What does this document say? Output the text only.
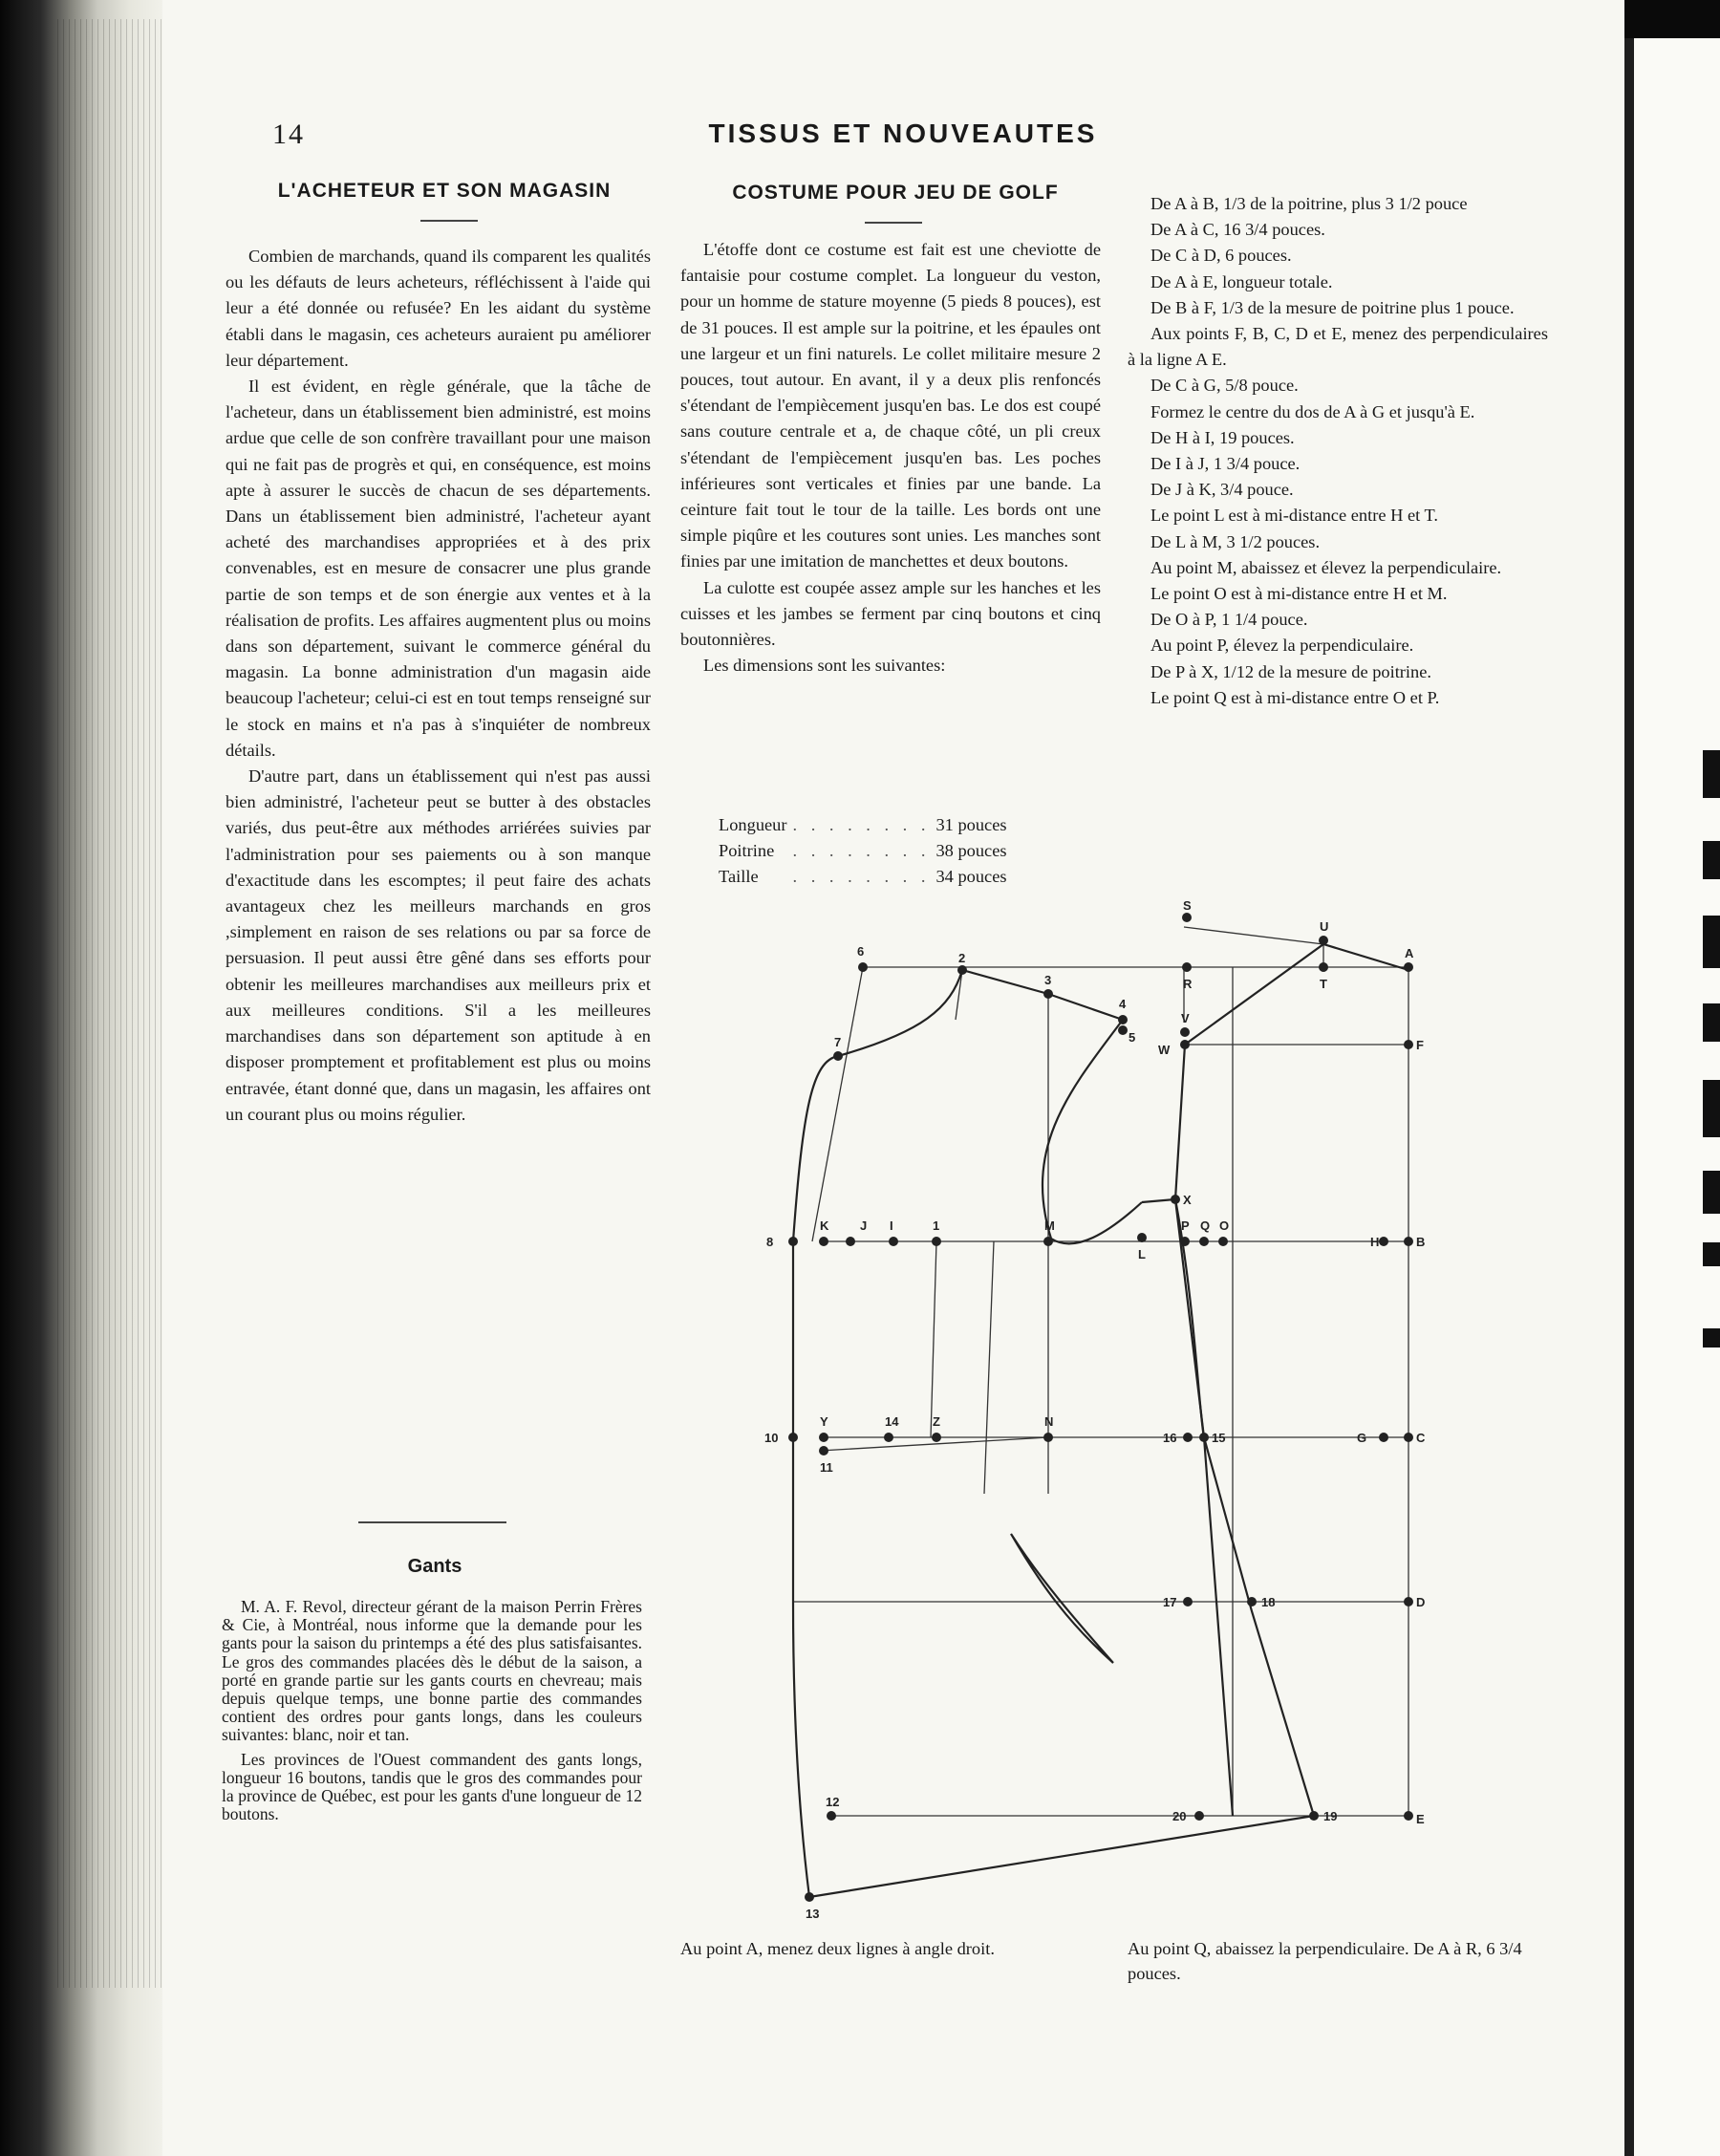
14	TISSUS ET NOUVEAUTES
L'ACHETEUR ET SON MAGASIN

Combien de marchands, quand ils comparent les qualités ou les défauts de leurs acheteurs, réfléchissent à l'aide qui leur a été donnée ou refusée? En les aidant du système établi dans le magasin, ces acheteurs auraient pu améliorer leur département.

Il est évident, en règle générale, que la tâche de l'acheteur, dans un établissement bien administré, est moins ardue que celle de son confrère travaillant pour une maison qui ne fait pas de progrès et qui, en conséquence, est moins apte à assurer le succès de chacun de ses départements. Dans un établissement bien administré, l'acheteur ayant acheté des marchandises appropriées et à des prix convenables, est en mesure de consacrer une plus grande partie de son temps et de son énergie aux ventes et à la réalisation de profits. Les affaires augmentent plus ou moins dans son département, suivant le commerce général du magasin. La bonne administration d'un magasin aide beaucoup l'acheteur; celui-ci est en tout temps renseigné sur le stock en mains et n'a pas à s'inquiéter de nombreux détails.

D'autre part, dans un établissement qui n'est pas aussi bien administré, l'acheteur peut se butter à des obstacles variés, dus peut-être aux méthodes arriérées suivies par l'administration pour ses paiements ou à son manque d'exactitude dans les escomptes; il peut faire des achats avantageux chez les meilleurs marchands en gros ,simplement en raison de ses relations ou par sa force de persuasion. Il peut aussi être gêné dans ses efforts pour obtenir les meilleures marchandises aux meilleurs prix et aux meilleures conditions. S'il a les meilleures marchandises dans son département son aptitude à en disposer promptement et profitablement est plus ou moins entravée, étant donné que, dans un magasin, les affaires ont un courant plus ou moins régulier.

Gants

M. A. F. Revol, directeur gérant de la maison Perrin Frères & Cie, à Montréal, nous informe que la demande pour les gants pour la saison du printemps a été des plus satisfaisantes. Le gros des commandes placées dès le début de la saison, a porté en grande partie sur les gants courts en chevreau; mais depuis quelque temps, une bonne partie des commandes contient des ordres pour gants longs, dans les couleurs suivantes: blanc, noir et tan.

Les provinces de l'Ouest commandent des gants longs, longueur 16 boutons, tandis que le gros des commandes pour la province de Québec, est pour les gants d'une longueur de 12 boutons.

COSTUME POUR JEU DE GOLF

L'étoffe dont ce costume est fait est une cheviotte de fantaisie pour costume complet. La longueur du veston, pour un homme de stature moyenne (5 pieds 8 pouces), est de 31 pouces. Il est ample sur la poitrine, et les épaules ont une largeur et un fini naturels. Le collet militaire mesure 2 pouces, tout autour. En avant, il y a deux plis renfoncés s'étendant de l'empiècement jusqu'en bas. Le dos est coupé sans couture centrale et a, de chaque côté, un pli creux s'étendant de l'empiècement jusqu'en bas. Les poches inférieures sont verticales et finies par une bande. La ceinture fait tout le tour de la taille. Les bords ont une simple piqûre et les coutures sont unies. Les manches sont finies par une imitation de manchettes et deux boutons.

La culotte est coupée assez ample sur les hanches et les cuisses et les jambes se ferment par cinq boutons et cinq boutonnières.

Les dimensions sont les suivantes:

Longueur	. . . . . . . .	31 pouces
Poitrine	. . . . . . . .	38 pouces
Taille	. . . . . . . .	34 pouces
Au point A, menez deux lignes à angle droit.

De A à B, 1/3 de la poitrine, plus 3 1/2 pouce

De A à C, 16 3/4 pouces.

De C à D, 6 pouces.

De A à E, longueur totale.

De B à F, 1/3 de la mesure de poitrine plus 1 pouce.

Aux points F, B, C, D et E, menez des perpendiculaires à la ligne A E.

De C à G, 5/8 pouce.

Formez le centre du dos de A à G et jusqu'à E.

De H à I, 19 pouces.

De I à J, 1 3/4 pouce.

De J à K, 3/4 pouce.

Le point L est à mi-distance entre H et T.

De L à M, 3 1/2 pouces.

Au point M, abaissez et élevez la perpendiculaire.

Le point O est à mi-distance entre H et M.

De O à P, 1 1/4 pouce.

Au point P, élevez la perpendiculaire.

De P à X, 1/12 de la mesure de poitrine.

Le point Q est à mi-distance entre O et P.

Au point Q, abaissez la perpendiculaire. De A à R, 6 3/4 pouces.
S
U
2
6
3
4
5
R	T
A
W
V
F
7
X
8
K	J I	1	M
L
P Q O
H	B
10
Y	14	Z	N
16	15	G	C
11
17	18	D
12
20	19	E
13
